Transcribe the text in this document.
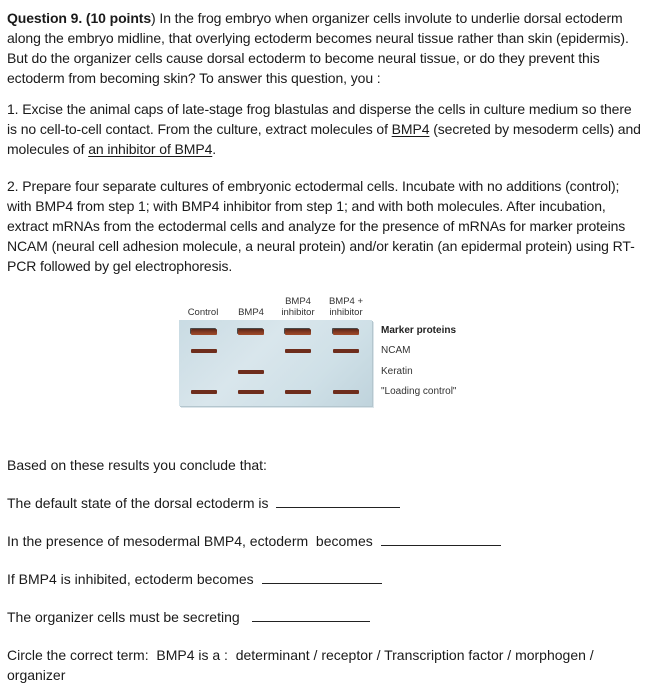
Question 9. (10 points) In the frog embryo when organizer cells involute to underlie dorsal ectoderm along the embryo midline, that overlying ectoderm becomes neural tissue rather than skin (epidermis). But do the organizer cells cause dorsal ectoderm to become neural tissue, or do they prevent this ectoderm from becoming skin? To answer this question, you :
1. Excise the animal caps of late-stage frog blastulas and disperse the cells in culture medium so there is no cell-to-cell contact. From the culture, extract molecules of BMP4 (secreted by mesoderm cells) and molecules of an inhibitor of BMP4.
2. Prepare four separate cultures of embryonic ectodermal cells. Incubate with no additions (control); with BMP4 from step 1; with BMP4 inhibitor from step 1; and with both molecules. After incubation, extract mRNAs from the ectodermal cells and analyze for the presence of mRNAs for marker proteins NCAM (neural cell adhesion molecule, a neural protein) and/or keratin (an epidermal protein) using RT-PCR followed by gel electrophoresis.

Control
	BMP4
BMP4
inhibitor
BMP4 +
inhibitor
Marker proteins
NCAM
Keratin
"Loading control"
Based on these results you conclude that:
The default state of the dorsal ectoderm is
In the presence of mesodermal BMP4, ectoderm  becomes
If BMP4 is inhibited, ectoderm becomes
The organizer cells must be secreting
Circle the correct term:  BMP4 is a :  determinant / receptor / Transcription factor / morphogen /
organizer
